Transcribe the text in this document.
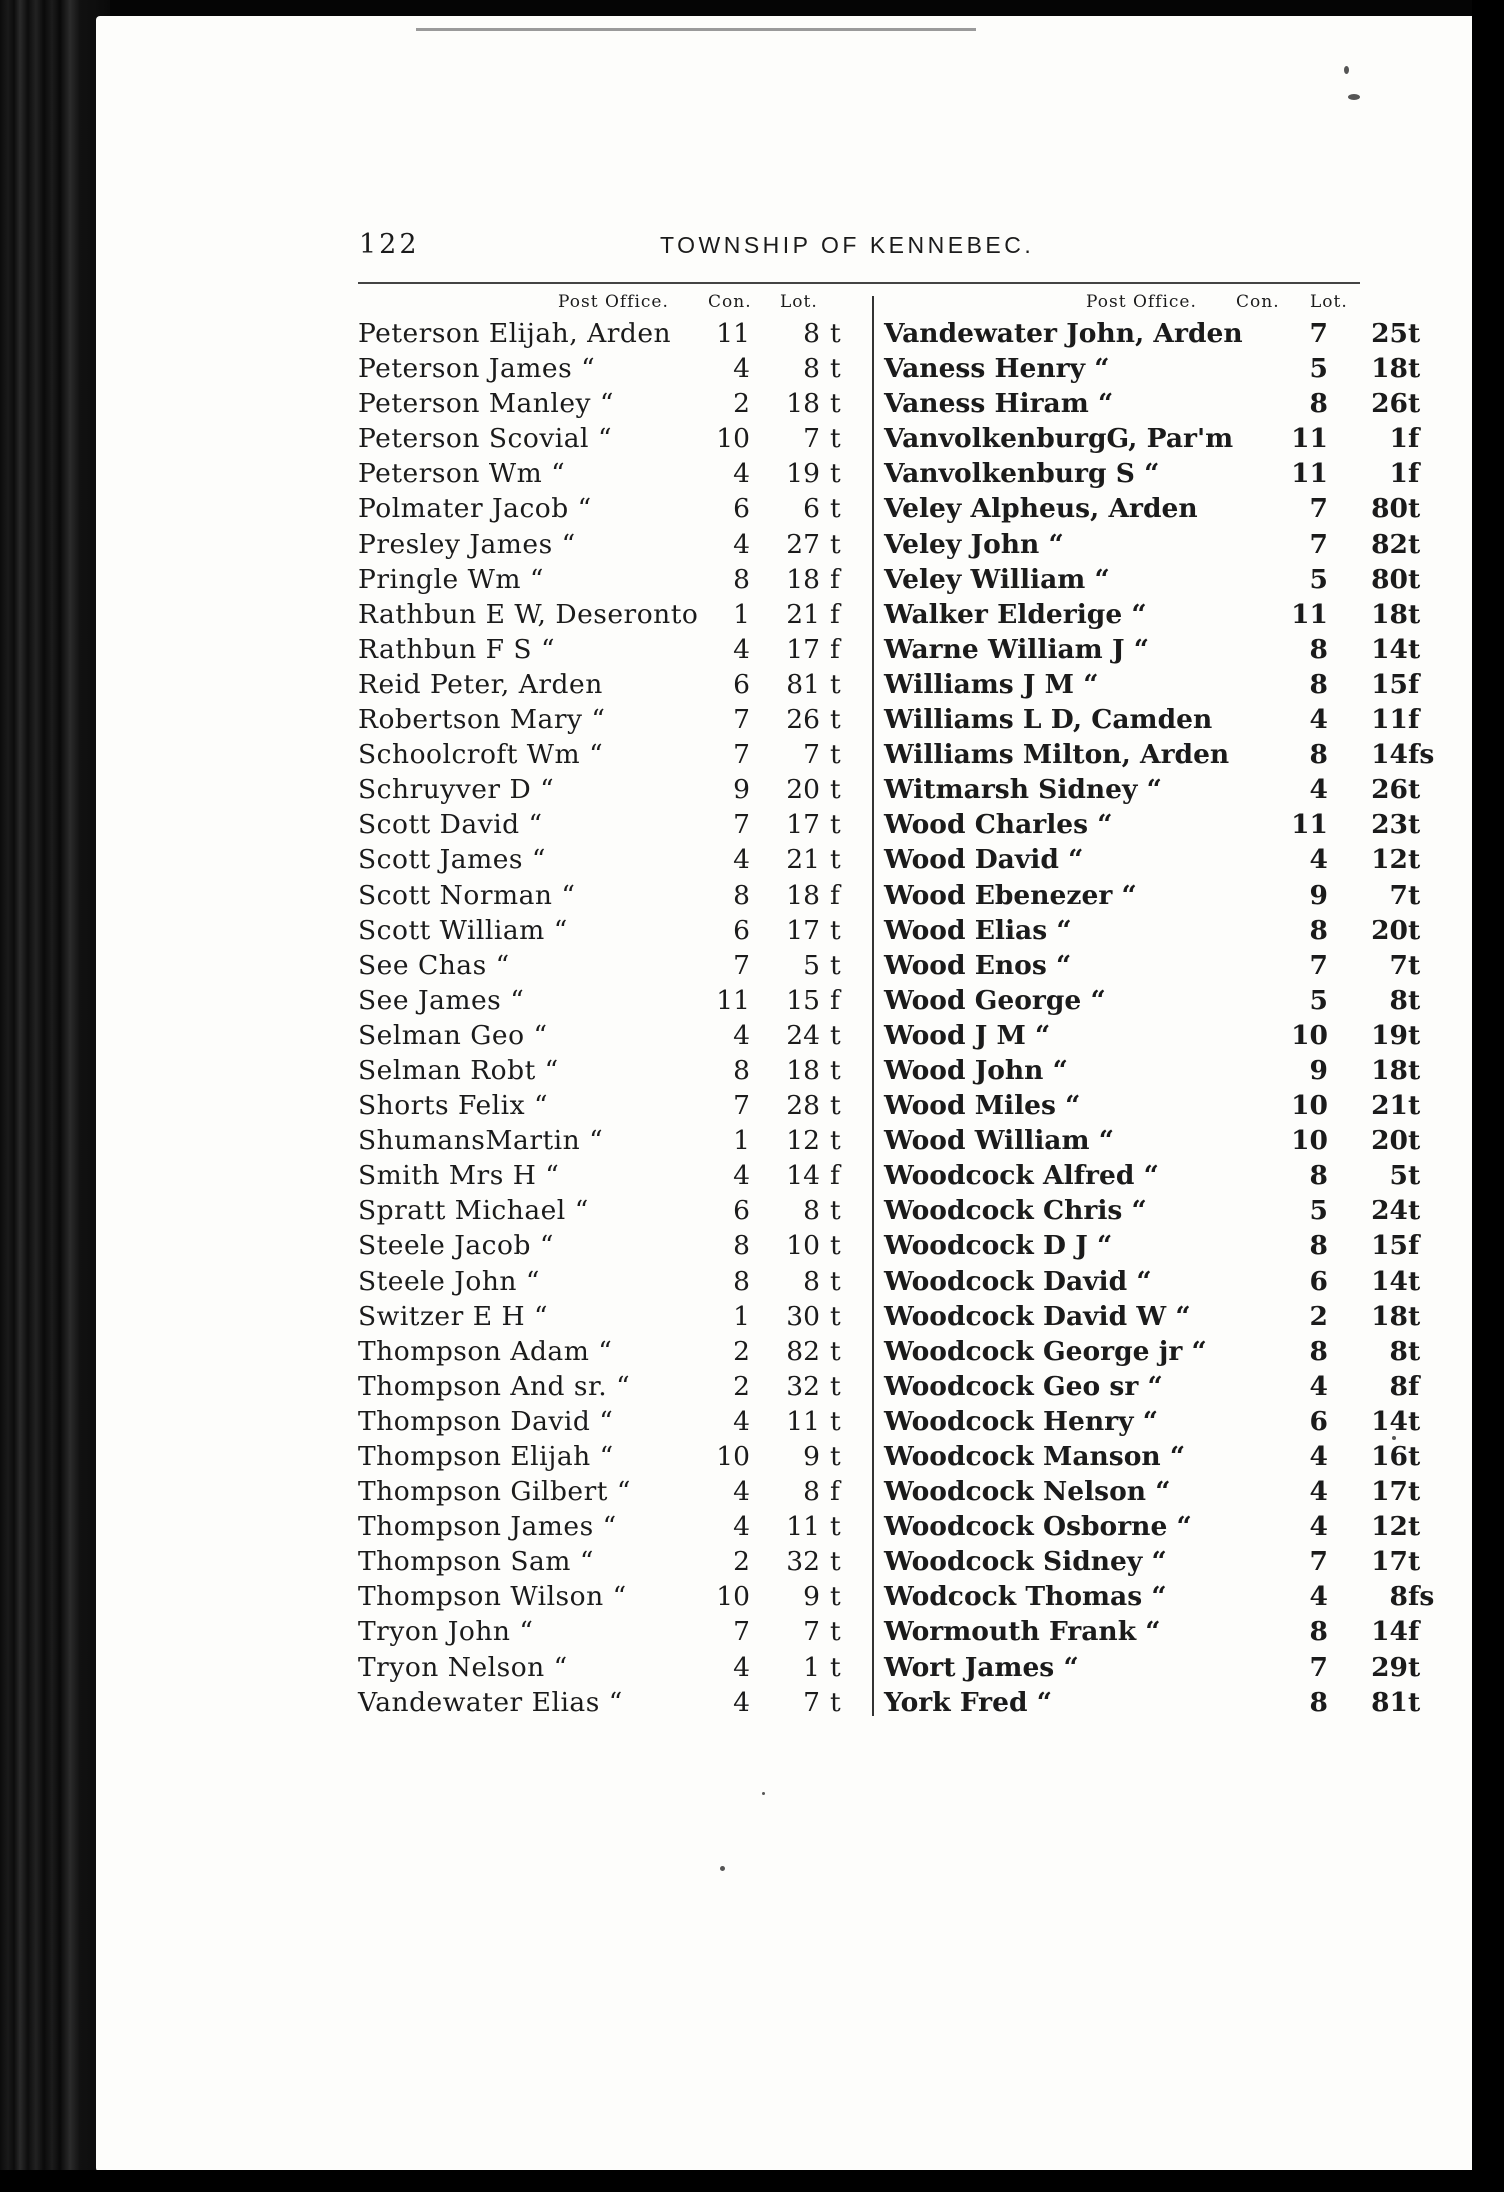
122	TOWNSHIP OF KENNEBEC.
Post Office. Con. Lot.
Peterson Elijah, Arden	11	8 t
Peterson James “	4	8 t
Peterson Manley “	2	18 t
Peterson Scovial “	10	7 t
Peterson Wm “	4	19 t
Polmater Jacob “	6	6 t
Presley James “	4	27 t
Pringle Wm “	8	18 f
Rathbun E W, Deseronto	1	21 f
Rathbun F S “	4	17 f
Reid Peter, Arden	6	81 t
Robertson Mary “	7	26 t
Schoolcroft Wm “	7	7 t
Schruyver D “	9	20 t
Scott David “	7	17 t
Scott James “	4	21 t
Scott Norman “	8	18 f
Scott William “	6	17 t
See Chas “	7	5 t
See James “	11	15 f
Selman Geo “	4	24 t
Selman Robt “	8	18 t
Shorts Felix “	7	28 t
ShumansMartin “	1	12 t
Smith Mrs H “	4	14 f
Spratt Michael “	6	8 t
Steele Jacob “	8	10 t
Steele John “	8	8 t
Switzer E H “	1	30 t
Thompson Adam “	2	82 t
Thompson And sr. “	2	32 t
Thompson David “	4	11 t
Thompson Elijah “	10	9 t
Thompson Gilbert “	4	8 f
Thompson James “	4	11 t
Thompson Sam “	2	32 t
Thompson Wilson “	10	9 t
Tryon John “	7	7 t
Tryon Nelson “	4	1 t
Vandewater Elias “	4	7 t
Post Office. Con. Lot.
Vandewater John, Arden	7	25 t
Vaness Henry “	5	18 t
Vaness Hiram “	8	26 t
VanvolkenburgG, Par'm	11	1 f
Vanvolkenburg S “	11	1 f
Veley Alpheus, Arden	7	80 t
Veley John “	7	82 t
Veley William “	5	80 t
Walker Elderige “	11	18 t
Warne William J “	8	14 t
Williams J M “	8	15 f
Williams L D, Camden	4	11 f
Williams Milton, Arden	8	14 fs
Witmarsh Sidney “	4	26 t
Wood Charles “	11	23 t
Wood David “	4	12 t
Wood Ebenezer “	9	7 t
Wood Elias “	8	20 t
Wood Enos “	7	7 t
Wood George “	5	8 t
Wood J M “	10	19 t
Wood John “	9	18 t
Wood Miles “	10	21 t
Wood William “	10	20 t
Woodcock Alfred “	8	5 t
Woodcock Chris “	5	24 t
Woodcock D J “	8	15 f
Woodcock David “	6	14 t
Woodcock David W “	2	18 t
Woodcock George jr “	8	8 t
Woodcock Geo sr “	4	8 f
Woodcock Henry “	6	14 t
Woodcock Manson “	4	16 t
Woodcock Nelson “	4	17 t
Woodcock Osborne “	4	12 t
Woodcock Sidney “	7	17 t
Wodcock Thomas “	4	8 fs
Wormouth Frank “	8	14 f
Wort James “	7	29 t
York Fred “	8	81 t
